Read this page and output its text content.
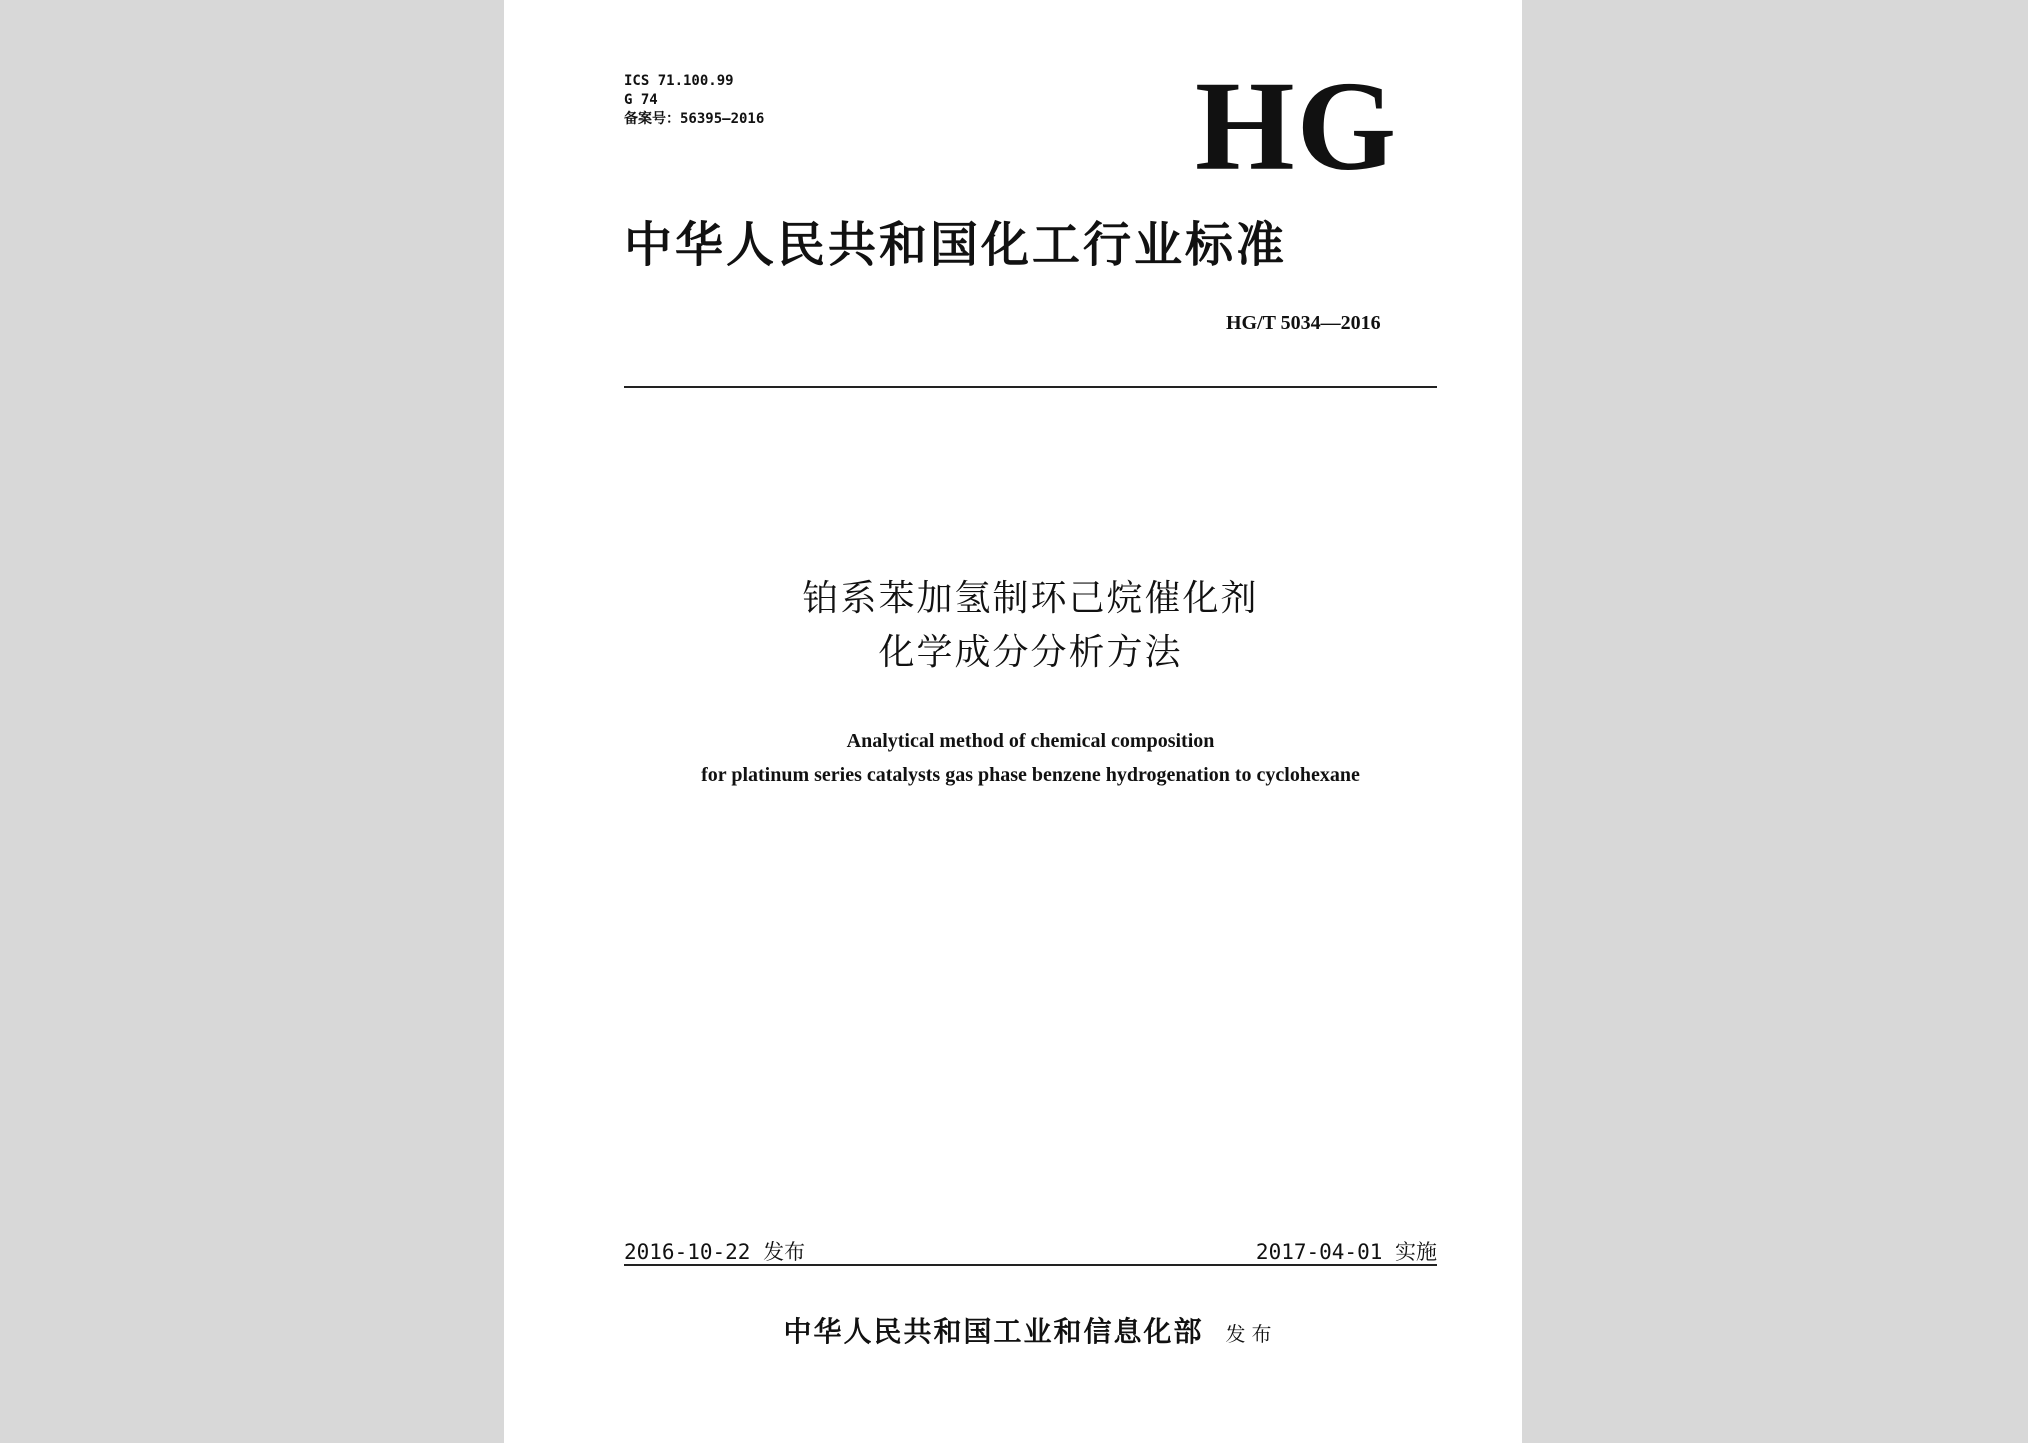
ICS 71.100.99
G 74
备案号：56395—2016	HG
中华人民共和国化工行业标准
HG/T 5034—2016
铂系苯加氢制环己烷催化剂
化学成分分析方法
Analytical method of chemical composition
for platinum series catalysts gas phase benzene hydrogenation to cyclohexane
2016-10-22 发布	2017-04-01 实施
中华人民共和国工业和信息化部 发布
